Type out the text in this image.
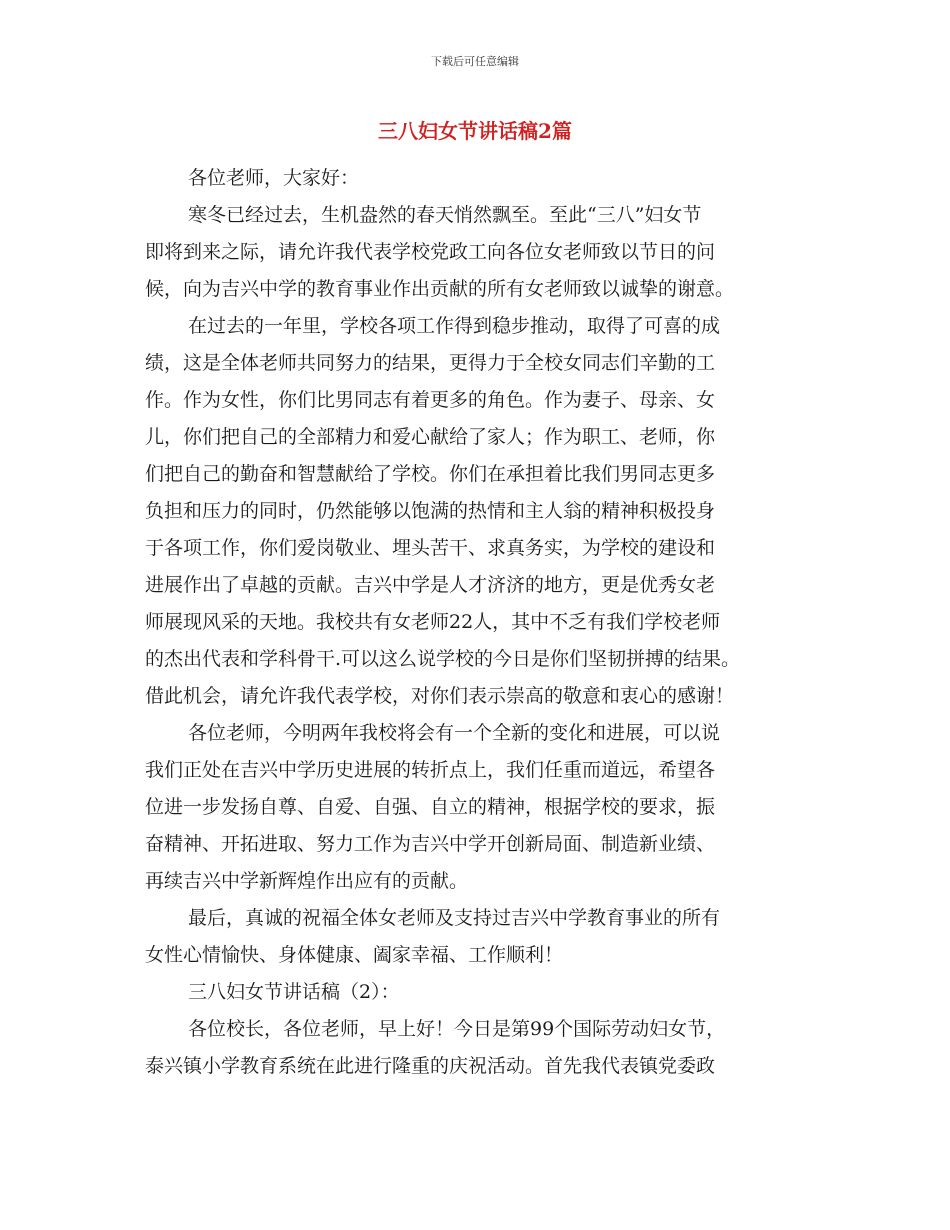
下载后可任意编辑
三八妇女节讲话稿2篇
各位老师，大家好：
寒冬已经过去，生机盎然的春天悄然飘至。至此“三八”妇女节
即将到来之际，请允许我代表学校党政工向各位女老师致以节日的问
候，向为吉兴中学的教育事业作出贡献的所有女老师致以诚挚的谢意。
在过去的一年里，学校各项工作得到稳步推动，取得了可喜的成
绩，这是全体老师共同努力的结果，更得力于全校女同志们辛勤的工
作。作为女性，你们比男同志有着更多的角色。作为妻子、母亲、女
儿，你们把自己的全部精力和爱心献给了家人；作为职工、老师，你
们把自己的勤奋和智慧献给了学校。你们在承担着比我们男同志更多
负担和压力的同时，仍然能够以饱满的热情和主人翁的精神积极投身
于各项工作，你们爱岗敬业、埋头苦干、求真务实，为学校的建设和
进展作出了卓越的贡献。吉兴中学是人才济济的地方，更是优秀女老
师展现风采的天地。我校共有女老师22人，其中不乏有我们学校老师
的杰出代表和学科骨干.可以这么说学校的今日是你们坚韧拼搏的结果。
借此机会，请允许我代表学校，对你们表示崇高的敬意和衷心的感谢！
各位老师，今明两年我校将会有一个全新的变化和进展，可以说
我们正处在吉兴中学历史进展的转折点上，我们任重而道远，希望各
位进一步发扬自尊、自爱、自强、自立的精神，根据学校的要求，振
奋精神、开拓进取、努力工作为吉兴中学开创新局面、制造新业绩、
再续吉兴中学新辉煌作出应有的贡献。
最后，真诚的祝福全体女老师及支持过吉兴中学教育事业的所有
女性心情愉快、身体健康、阖家幸福、工作顺利！
三八妇女节讲话稿（2）：
各位校长，各位老师，早上好！今日是第99个国际劳动妇女节，
泰兴镇小学教育系统在此进行隆重的庆祝活动。首先我代表镇党委政
